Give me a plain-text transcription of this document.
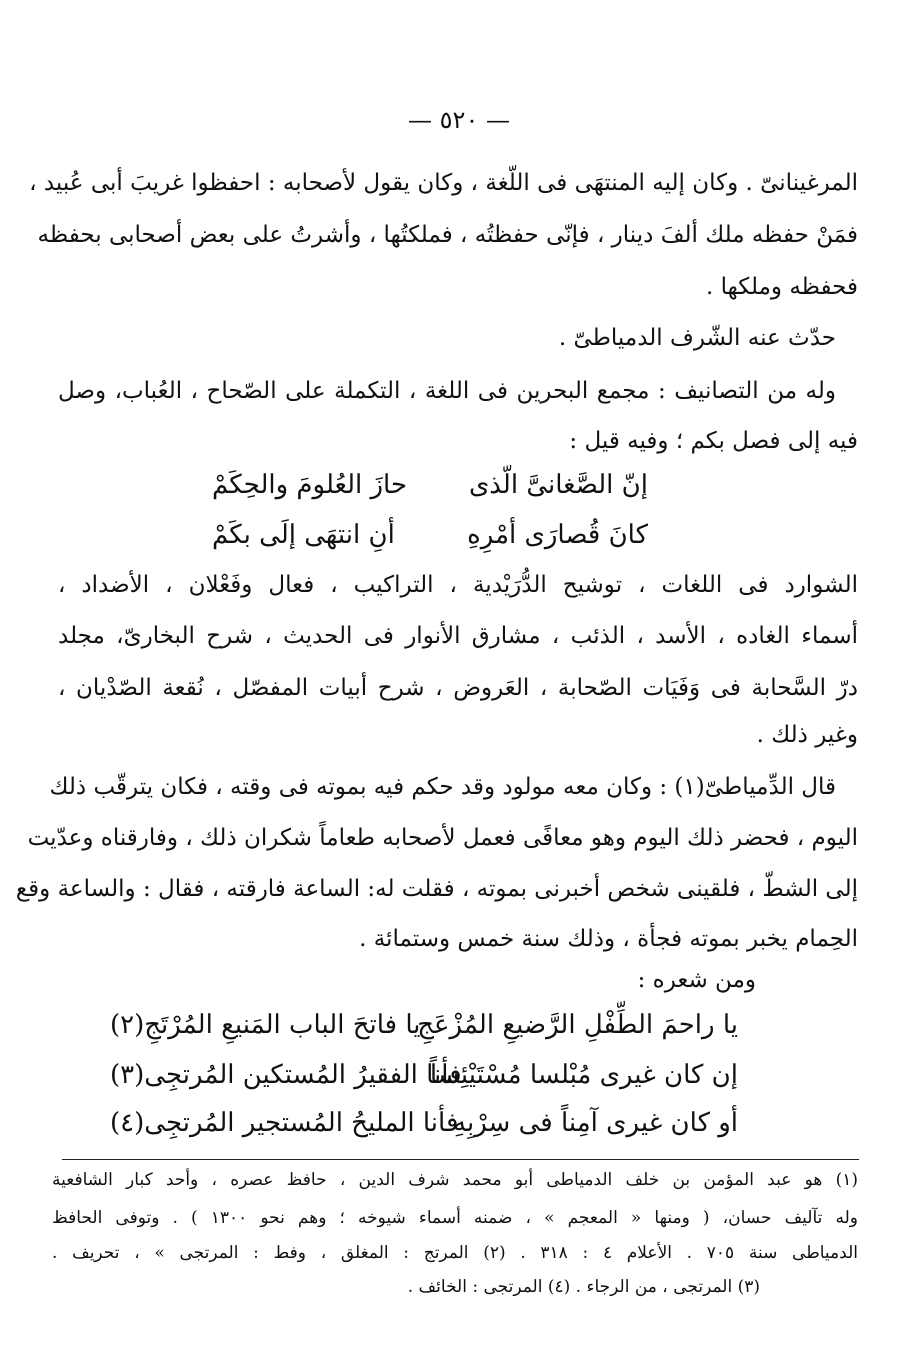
— ٥٢٠ —
المرغينانىّ . وكان إليه المنتهَى فى اللّغة ، وكان يقول لأصحابه : احفظوا غريبَ أبى عُبيد ،
فمَنْ حفظه ملك ألفَ دينار ، فإنّى حفظتُه ، فملكتُها ، وأشرتُ على بعض أصحابى بحفظه
فحفظه وملكها .
حدّث عنه الشّرف الدمياطىّ .
وله من التصانيف : مجمع البحرين فى اللغة ، التكملة على الصّحاح ، العُباب، وصل
فيه إلى فصل بكم ؛ وفيه قيل :
إنّ الصَّغانىَّ الّذى
حازَ العُلومَ والحِكَمْ
كانَ قُصارَى أمْرِهِ
أنِ انتهَى إلَى بكَمْ
الشوارد فى اللغات ، توشيح الدُّرَيْدية ، التراكيب ، فعال وفَعْلان ، الأضداد ،
أسماء الغاده ، الأسد ، الذئب ، مشارق الأنوار فى الحديث ، شرح البخارىّ، مجلد
درّ السَّحابة فى وَفَيَات الصّحابة ، العَروض ، شرح أبيات المفصّل ، نُقعة الصّدْيان ،
وغير ذلك .
قال الدِّمياطىّ(١) : وكان معه مولود وقد حكم فيه بموته فى وقته ، فكان يترقّب ذلك
اليوم ، فحضر ذلك اليوم وهو معافًى فعمل لأصحابه طعاماً شكران ذلك ، وفارقناه وعدّيت
إلى الشطّ ، فلقينى شخص أخبرنى بموته ، فقلت له: الساعة فارقته ، فقال : والساعة وقع
الحِمام يخبر بموته فجأة ، وذلك سنة خمس وستمائة .
ومن شعره :
يا راحمَ الطِّفْلِ الرَّضيعِ المُزْعَجِ
يا فاتحَ الباب المَنيعِ المُرْتَجِ(٢)
إن كان غيرى مُبْلسا مُسْتَيْئِساً
فأنا الفقيرُ المُستكين المُرتجِى(٣)
أو كان غيرى آمِناً فى سِرْبِهِ
فأنا المليحُ المُستجير المُرتجِى(٤)
(١) هو عبد المؤمن بن خلف الدمياطى أبو محمد شرف الدين ، حافظ عصره ، وأحد كبار الشافعية
وله تآليف حسان، ( ومنها « المعجم » ، ضمنه أسماء شيوخه ؛ وهم نحو ١٣٠٠ ) . وتوفى الحافظ
الدمياطى سنة ٧٠٥ . الأعلام ٤ : ٣١٨ . (٢) المرتج : المغلق ، وفط : المرتجى » ، تحريف .
(٣) المرتجى ، من الرجاء . (٤) المرتجى : الخائف .
